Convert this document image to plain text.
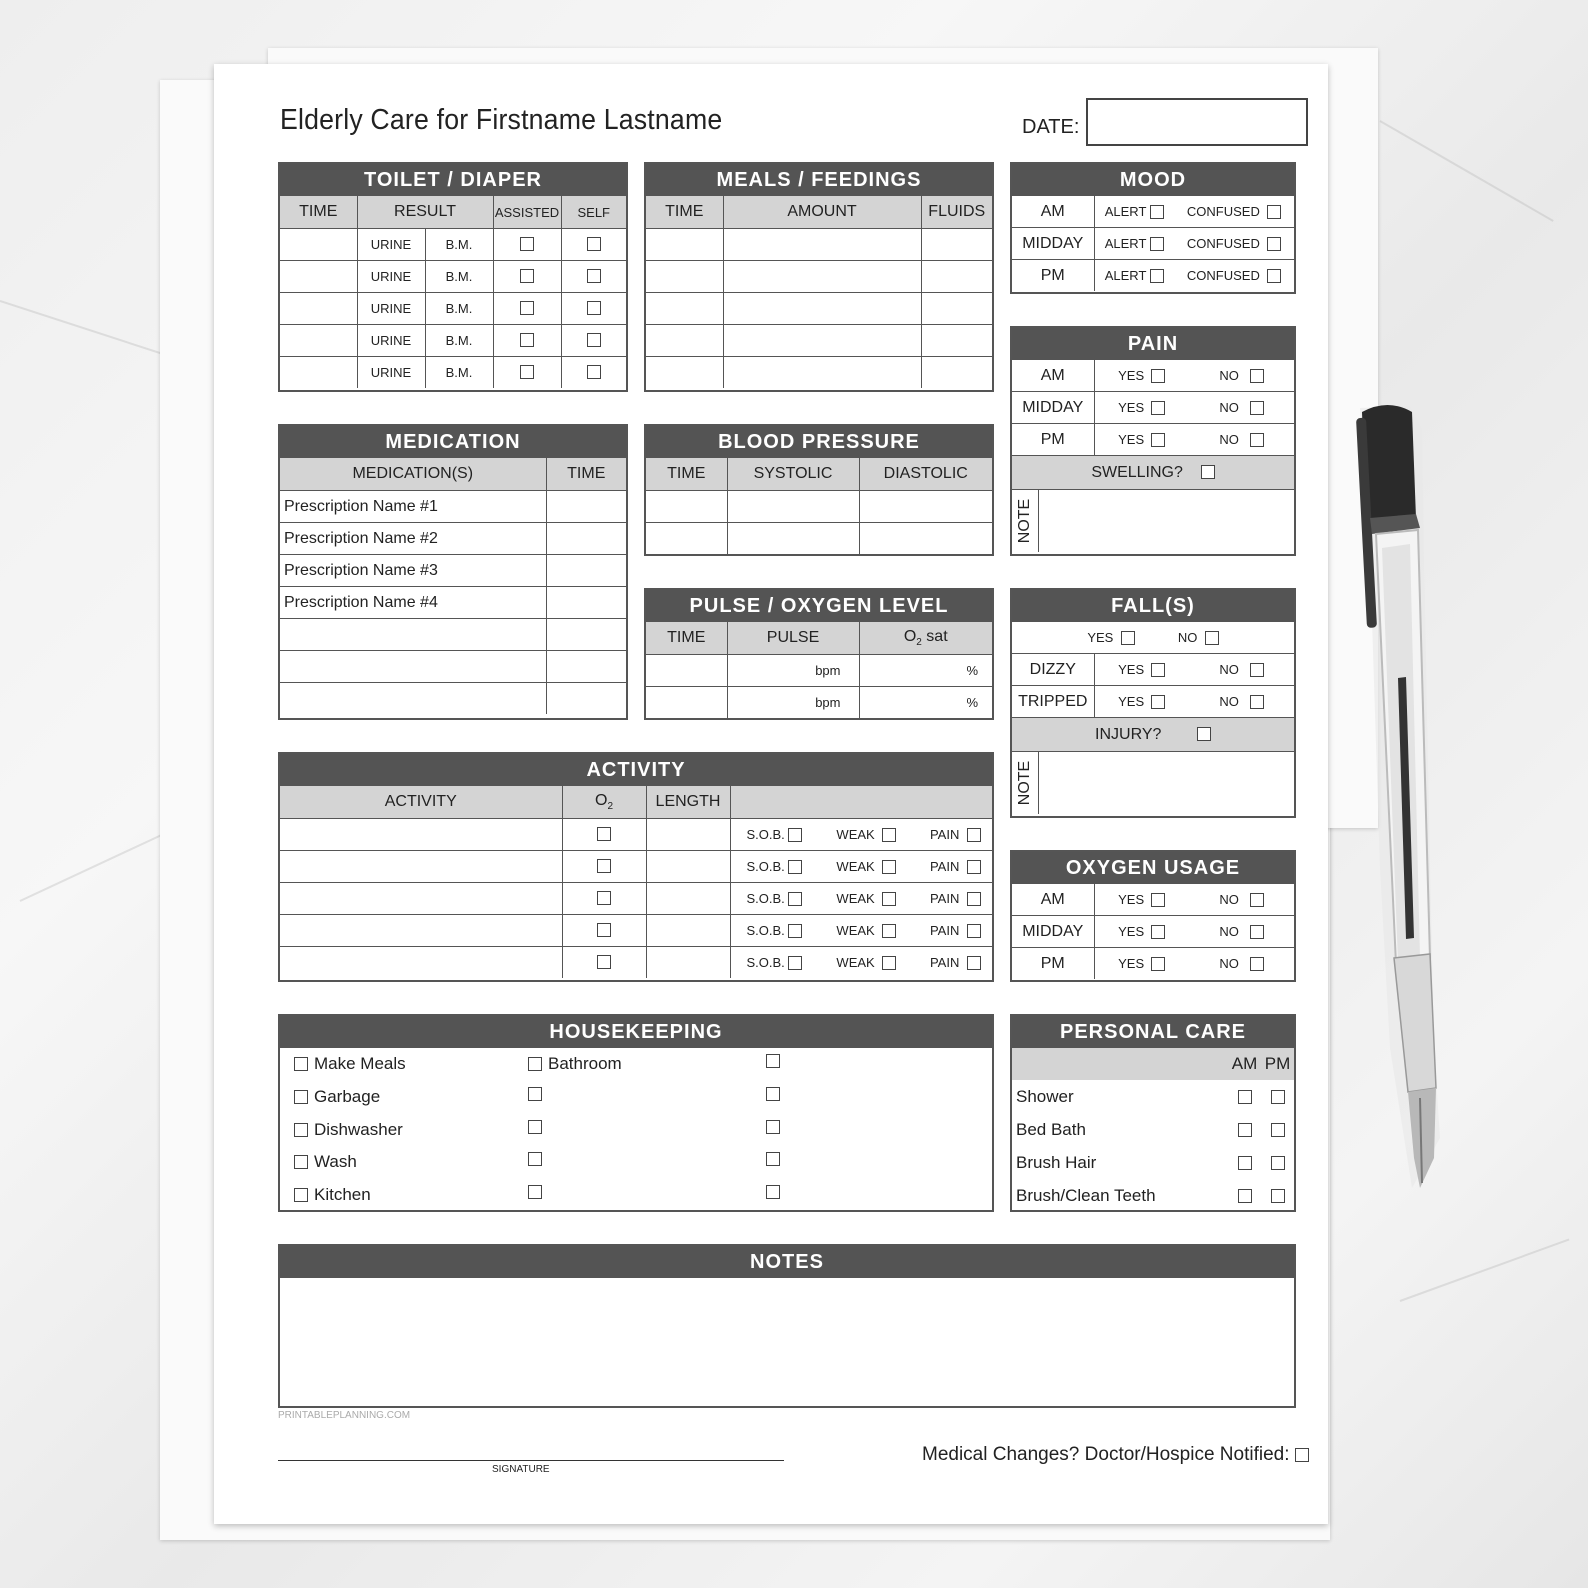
Elderly Care for Firstname Lastname	DATE:
TOILET / DIAPER
TIME	RESULT		ASSISTED	SELF
	URINE	B.M.		
	URINE	B.M.		
	URINE	B.M.		
	URINE	B.M.		
	URINE	B.M.		
MEALS / FEEDINGS
TIME	AMOUNT	FLUIDS

MOOD
AM	ALERT	CONFUSED
MIDDAY	ALERT	CONFUSED
PM	ALERT	CONFUSED
PAIN
AM	YES	NO
MIDDAY	YES	NO
PM	YES	NO
SWELLING?		
NOTE
MEDICATION
MEDICATION(S)	TIME
Prescription Name #1	
Prescription Name #2	
Prescription Name #3	
Prescription Name #4	

BLOOD PRESSURE
TIME	SYSTOLIC	DIASTOLIC

PULSE / OXYGEN LEVEL
TIME	PULSE	$O_2$ sat
	bpm	%
	bpm	%
FALL(S)
YES NO		
DIZZY	YES	NO
TRIPPED	YES	NO
INJURY?		
NOTE
ACTIVITY
ACTIVITY	$O_2$	LENGTH	
			S.O.B. WEAK PAIN
			S.O.B. WEAK PAIN
			S.O.B. WEAK PAIN
			S.O.B. WEAK PAIN
			S.O.B. WEAK PAIN
OXYGEN USAGE
AM	YES	NO
MIDDAY	YES	NO
PM	YES	NO
HOUSEKEEPING
Make Meals
Garbage
Dishwasher
Wash
Kitchen
Bathroom
PERSONAL CARE
AM PM
Shower
Bed Bath
Brush Hair
Brush/Clean Teeth
NOTES
PRINTABLEPLANNING.COM
SIGNATURE
Medical Changes? Doctor/Hospice Notified:
